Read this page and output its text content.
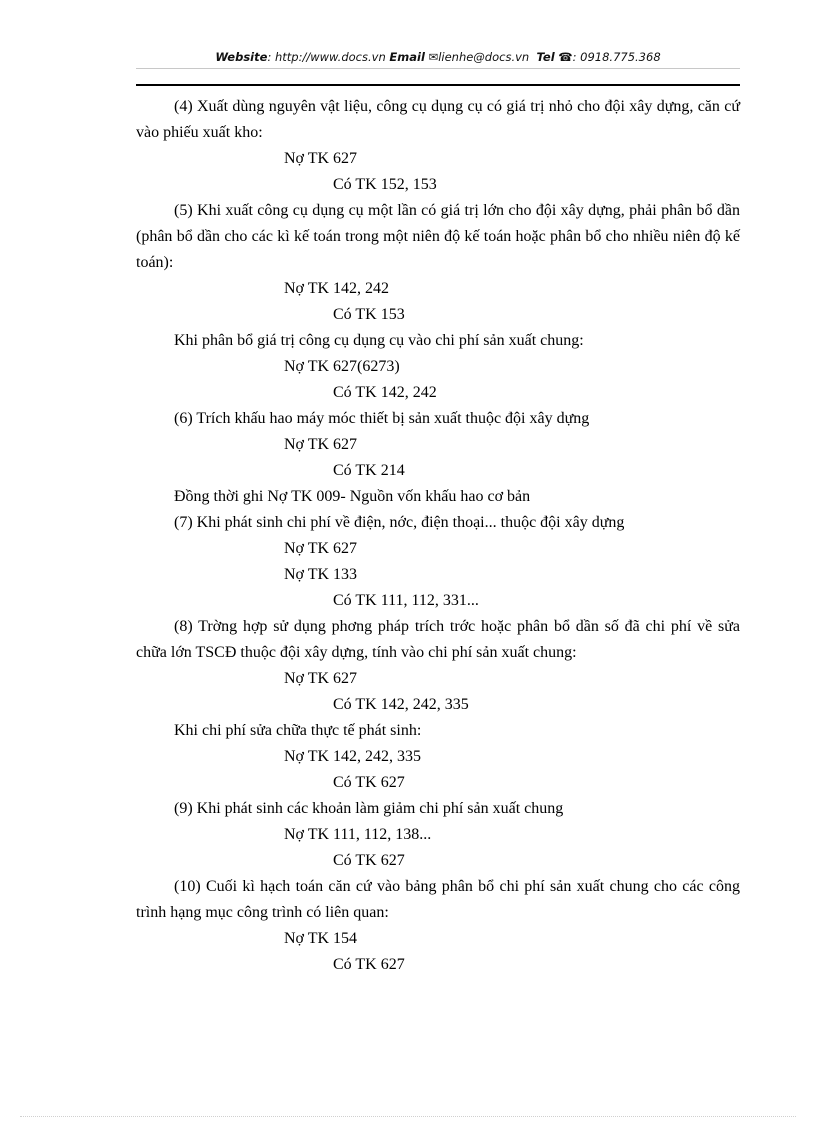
Website: http://www.docs.vn Email ✉lienhe@docs.vn Tel ☎: 0918.775.368

(4) Xuất dùng nguyên vật liệu, công cụ dụng cụ có giá trị nhỏ cho đội xây dựng, căn cứ vào phiếu xuất kho:

Nợ TK 627

Có TK 152, 153

(5) Khi xuất công cụ dụng cụ một lần có giá trị lớn cho đội xây dựng, phải phân bổ dần (phân bổ dần cho các kì kế toán trong một niên độ kế toán hoặc phân bổ cho nhiều niên độ kế toán):

Nợ TK 142, 242

Có TK 153

Khi phân bổ giá trị công cụ dụng cụ vào chi phí sản xuất chung:

Nợ TK 627(6273)

Có TK 142, 242

(6) Trích khấu hao máy móc thiết bị sản xuất thuộc đội xây dựng

Nợ TK 627

Có TK 214

Đồng thời ghi Nợ TK 009- Nguồn vốn khấu hao cơ bản

(7) Khi phát sinh chi phí về điện, nớc, điện thoại... thuộc đội xây dựng

Nợ TK 627

Nợ TK 133

Có TK 111, 112, 331...

(8) Trờng hợp sử dụng phơng pháp trích trớc hoặc phân bổ dần số đã chi phí về sửa chữa lớn TSCĐ thuộc đội xây dựng, tính vào chi phí sản xuất chung:

Nợ TK 627

Có TK 142, 242, 335

Khi chi phí sửa chữa thực tế phát sinh:

Nợ TK 142, 242, 335

Có TK 627

(9) Khi phát sinh các khoản làm giảm chi phí sản xuất chung

Nợ TK 111, 112, 138...

Có TK 627

(10) Cuối kì hạch toán căn cứ vào bảng phân bổ chi phí sản xuất chung cho các công trình hạng mục công trình có liên quan:

Nợ TK 154

Có TK 627
